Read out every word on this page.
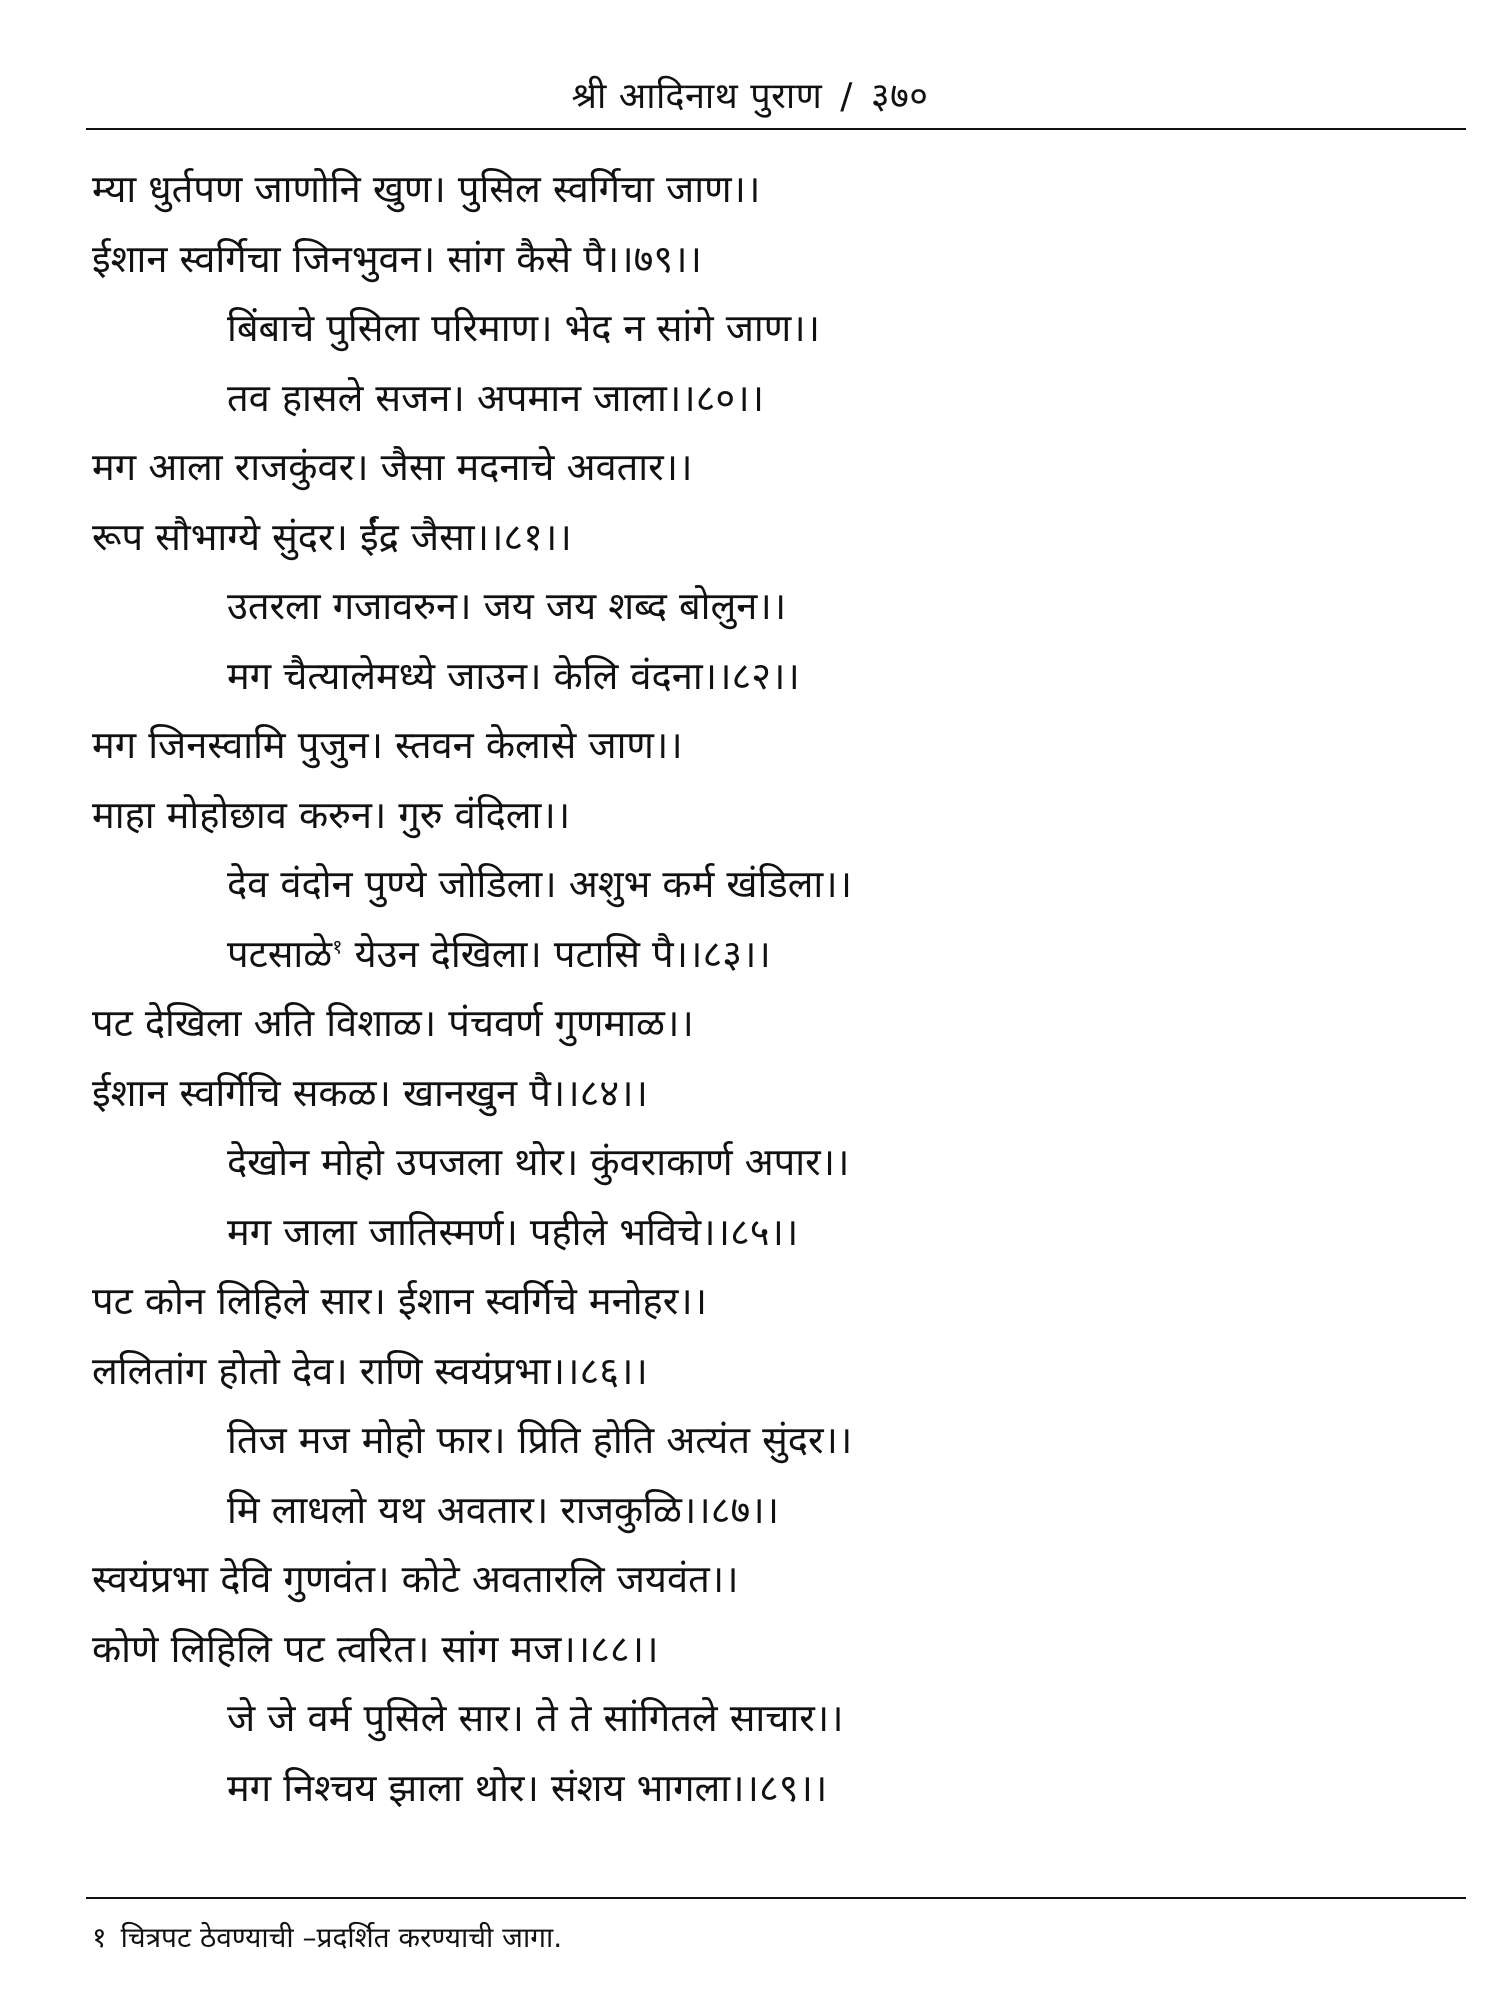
श्री आदिनाथ पुराण / ३७०
म्या धुर्तपण जाणोनि खुण। पुसिल स्वर्गिचा जाण।।
ईशान स्वर्गिचा जिनभुवन। सांग कैसे पै।।७९।।
बिंबाचे पुसिला परिमाण। भेद न सांगे जाण।।
तव हासले सजन। अपमान जाला।।८०।।
मग आला राजकुंवर। जैसा मदनाचे अवतार।।
रूप सौभाग्ये सुंदर। ईंद्र जैसा।।८१।।
उतरला गजावरुन। जय जय शब्द बोलुन।।
मग चैत्यालेमध्ये जाउन। केलि वंदना।।८२।।
मग जिनस्वामि पुजुन। स्तवन केलासे जाण।।
माहा मोहोछाव करुन। गुरु वंदिला।।
देव वंदोन पुण्ये जोडिला। अशुभ कर्म खंडिला।।
पटसाळे$^१$ येउन देखिला। पटासि पै।।८३।।
पट देखिला अति विशाळ। पंचवर्ण गुणमाळ।।
ईशान स्वर्गिचि सकळ। खानखुन पै।।८४।।
देखोन मोहो उपजला थोर। कुंवराकार्ण अपार।।
मग जाला जातिस्मर्ण। पहीले भविचे।।८५।।
पट कोन लिहिले सार। ईशान स्वर्गिचे मनोहर।।
ललितांग होतो देव। राणि स्वयंप्रभा।।८६।।
तिज मज मोहो फार। प्रिति होति अत्यंत सुंदर।।
मि लाधलो यथ अवतार। राजकुळि।।८७।।
स्वयंप्रभा देवि गुणवंत। कोटे अवतारलि जयवंत।।
कोणे लिहिलि पट त्वरित। सांग मज।।८८।।
जे जे वर्म पुसिले सार। ते ते सांगितले साचार।।
मग निश्चय झाला थोर। संशय भागला।।८९।।
१ चित्रपट ठेवण्याची –प्रदर्शित करण्याची जागा.
